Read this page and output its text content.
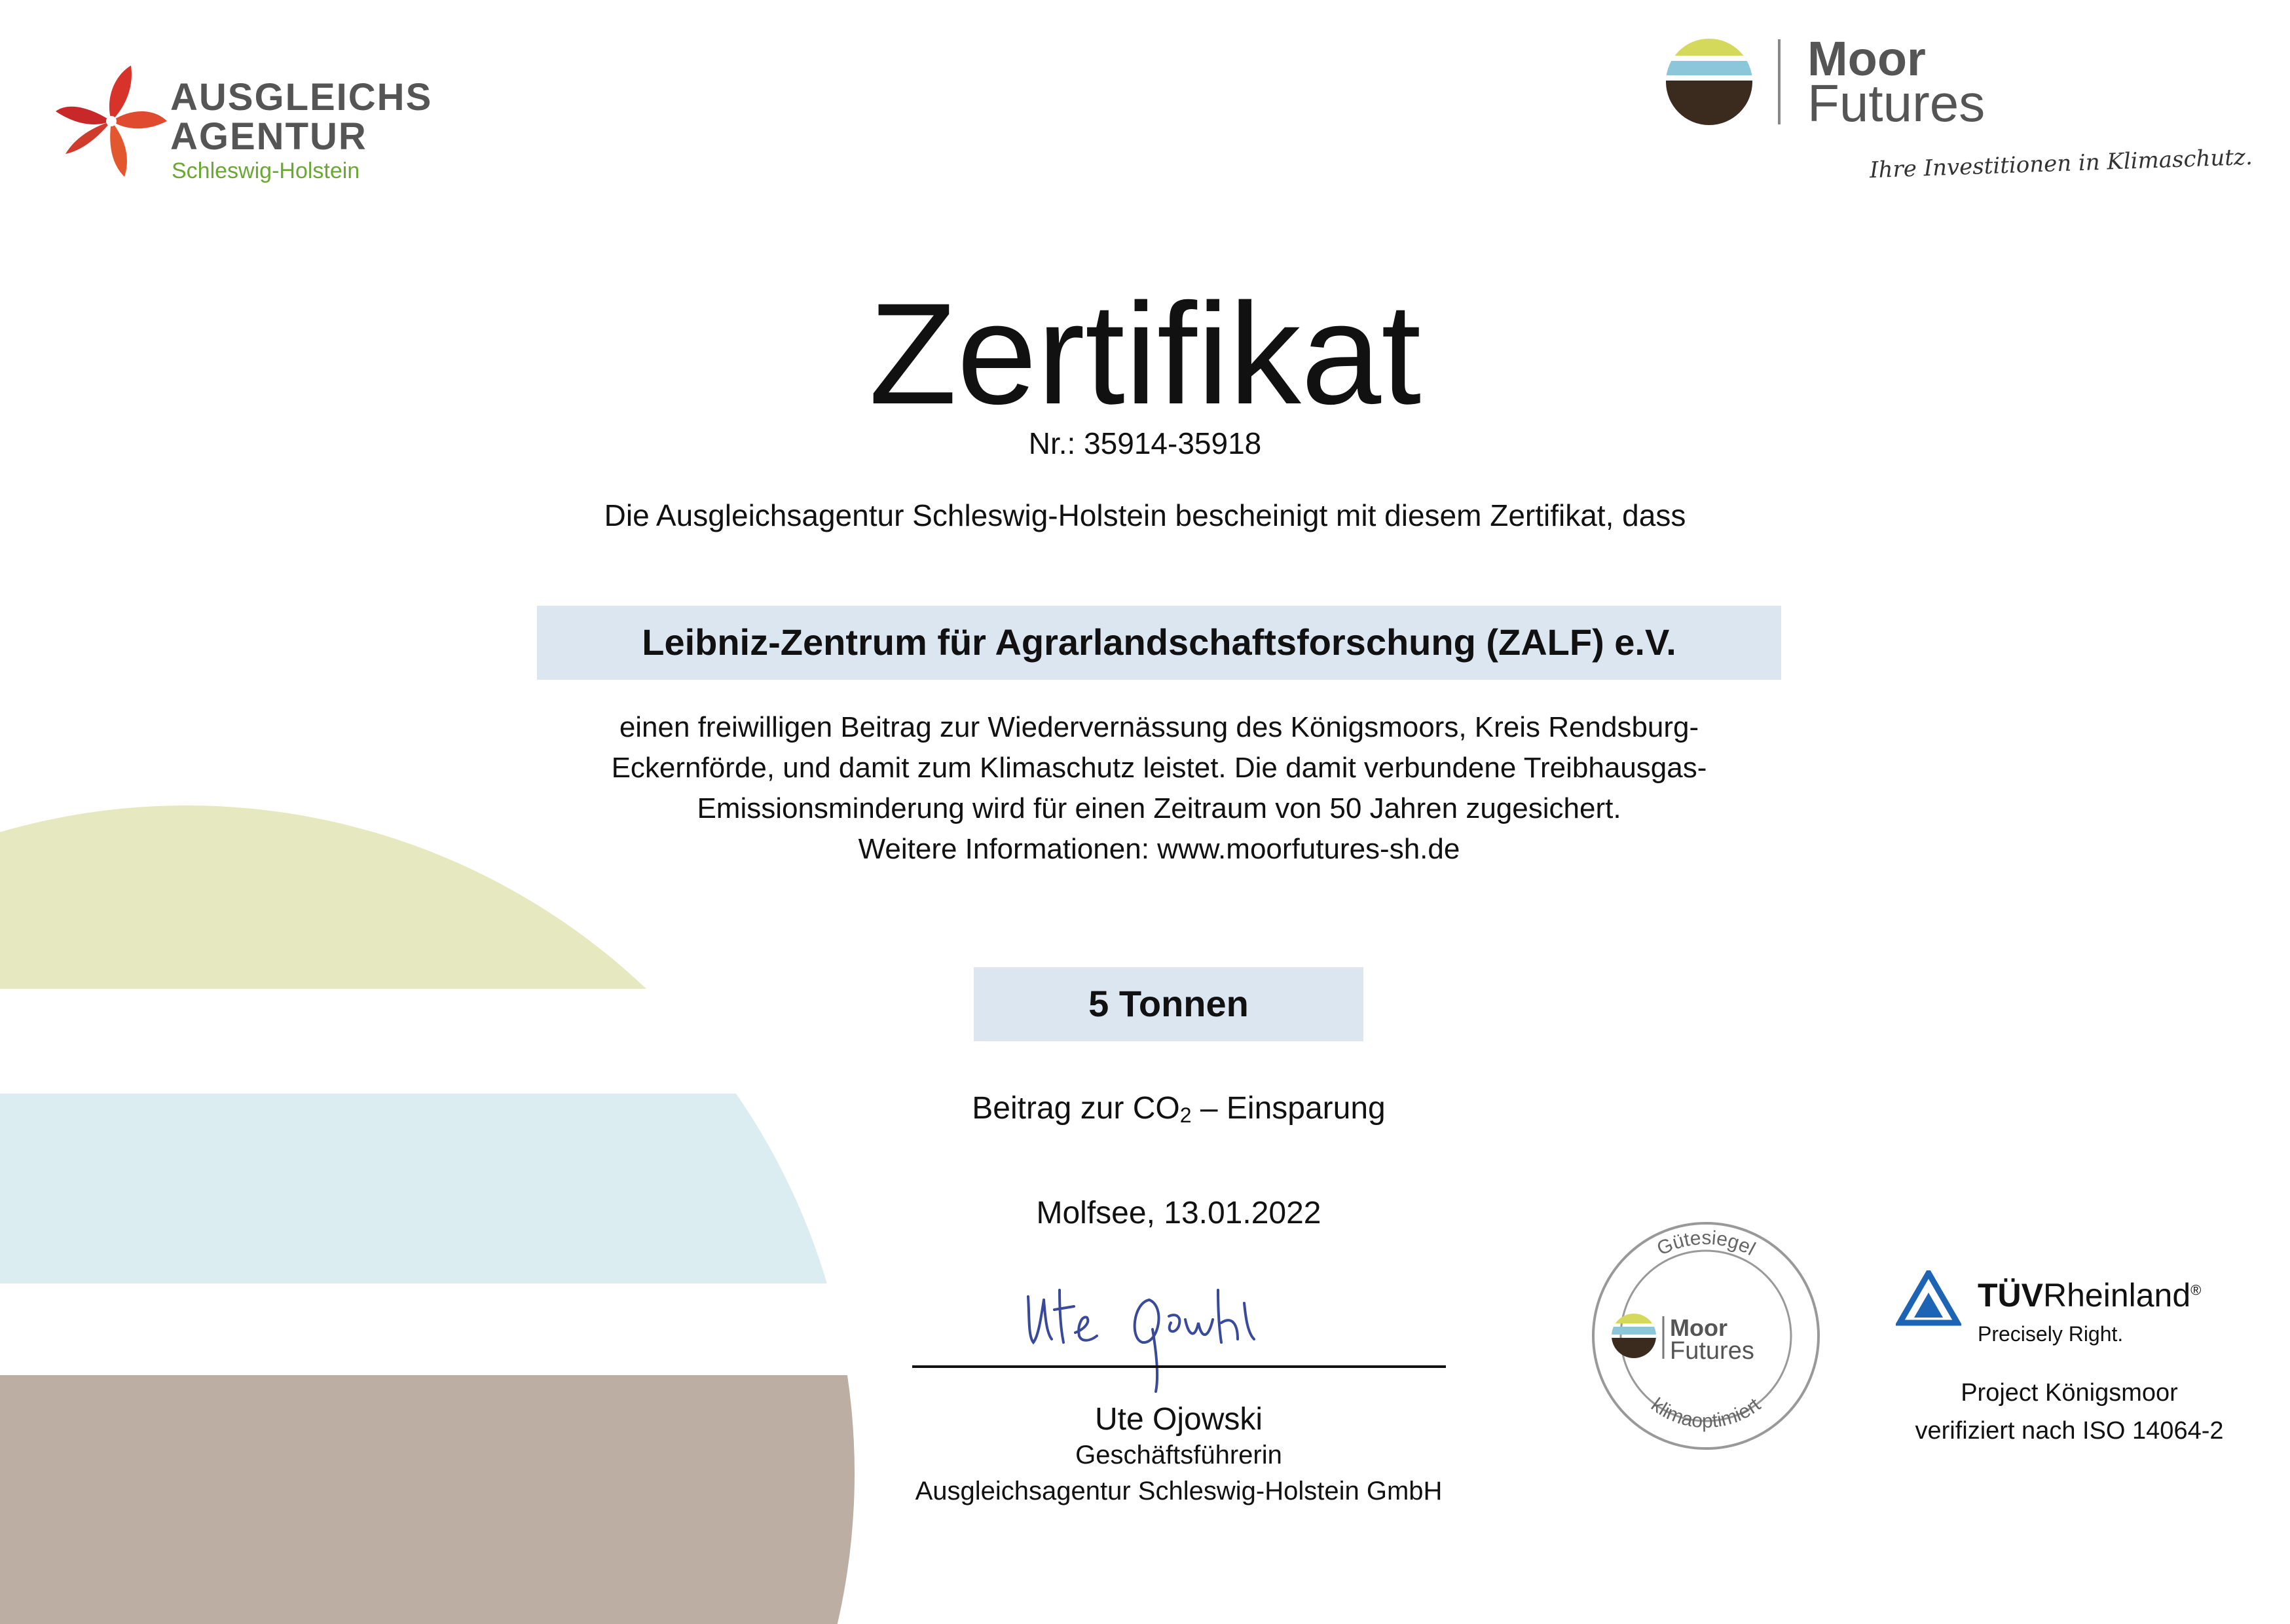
AUSGLEICHS
AGENTUR
Schleswig-Holstein
Moor
Futures
Ihre Investitionen in Klimaschutz.
Zertifikat
Nr.: 35914-35918
Die Ausgleichsagentur Schleswig-Holstein bescheinigt mit diesem Zertifikat, dass
Leibniz-Zentrum für Agrarlandschaftsforschung (ZALF) e.V.
einen freiwilligen Beitrag zur Wiedervernässung des Königsmoors, Kreis Rendsburg-
Eckernförde, und damit zum Klimaschutz leistet. Die damit verbundene Treibhausgas-
Emissionsminderung wird für einen Zeitraum von 50 Jahren zugesichert.
Weitere Informationen: www.moorfutures-sh.de
5 Tonnen
Beitrag zur $CO_2$ – Einsparung
Molfsee, 13.01.2022
Ute Ojowski
Geschäftsführerin
Ausgleichsagentur Schleswig-Holstein GmbH
Gütesiegel
klimaoptimiert
Moor
Futures
TÜVRheinland®
Precisely Right.
Project Königsmoor
verifiziert nach ISO 14064-2
